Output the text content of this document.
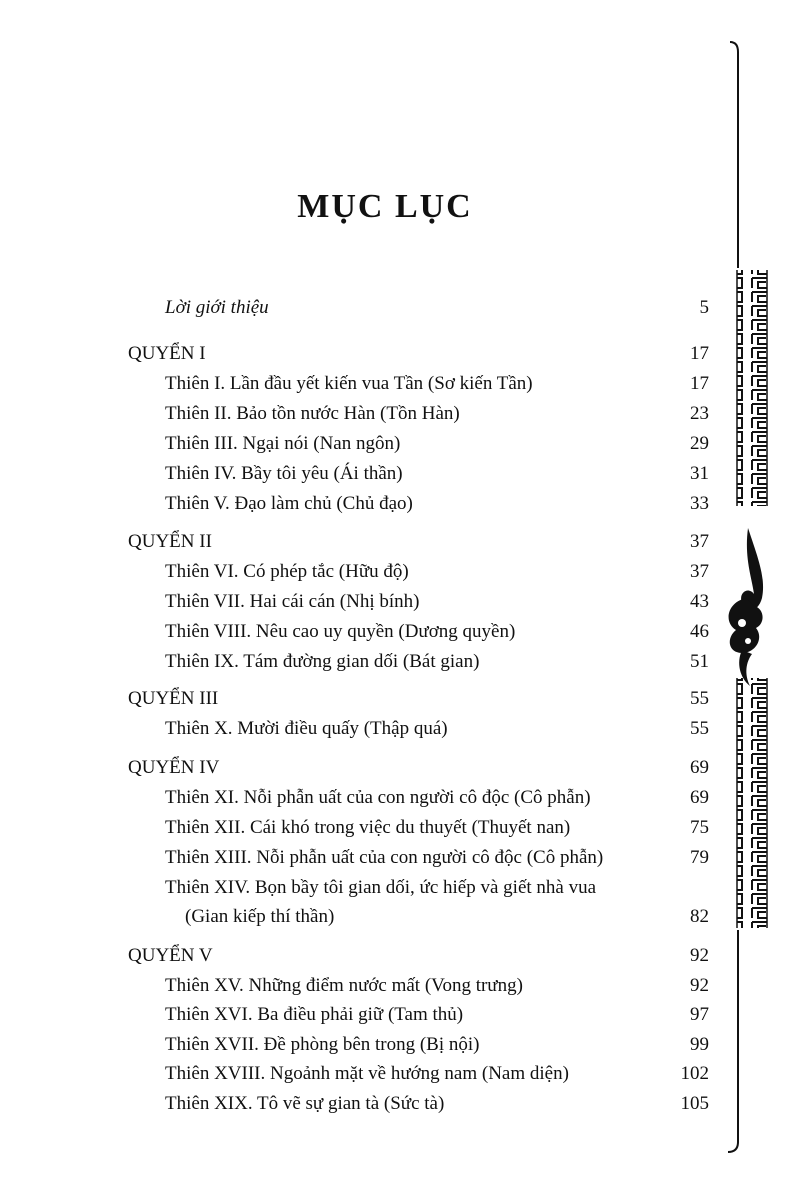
MỤC LỤC
Lời giới thiệu	5
QUYỂN I	17
Thiên I. Lần đầu yết kiến vua Tần (Sơ kiến Tần)	17
Thiên II. Bảo tồn nước Hàn (Tồn Hàn)	23
Thiên III. Ngại nói (Nan ngôn)	29
Thiên IV. Bầy tôi yêu (Ái thần)	31
Thiên V. Đạo làm chủ (Chủ đạo)	33
QUYỂN II	37
Thiên VI. Có phép tắc (Hữu độ)	37
Thiên VII. Hai cái cán (Nhị bính)	43
Thiên VIII. Nêu cao uy quyền (Dương quyền)	46
Thiên IX. Tám đường gian dối (Bát gian)	51
QUYỂN III	55
Thiên X. Mười điều quấy (Thập quá)	55
QUYỂN IV	69
Thiên XI. Nỗi phẫn uất của con người cô độc (Cô phẫn)	69
Thiên XII. Cái khó trong việc du thuyết (Thuyết nan)	75
Thiên XIII. Nỗi phẫn uất của con người cô độc (Cô phẫn)	79
Thiên XIV. Bọn bầy tôi gian dối, ức hiếp và giết nhà vua
(Gian kiếp thí thần)	82
QUYỂN V	92
Thiên XV. Những điểm nước mất (Vong trưng)	92
Thiên XVI. Ba điều phải giữ (Tam thủ)	97
Thiên XVII. Đề phòng bên trong (Bị nội)	99
Thiên XVIII. Ngoảnh mặt về hướng nam (Nam diện)	102
Thiên XIX. Tô vẽ sự gian tà (Sức tà)	105
